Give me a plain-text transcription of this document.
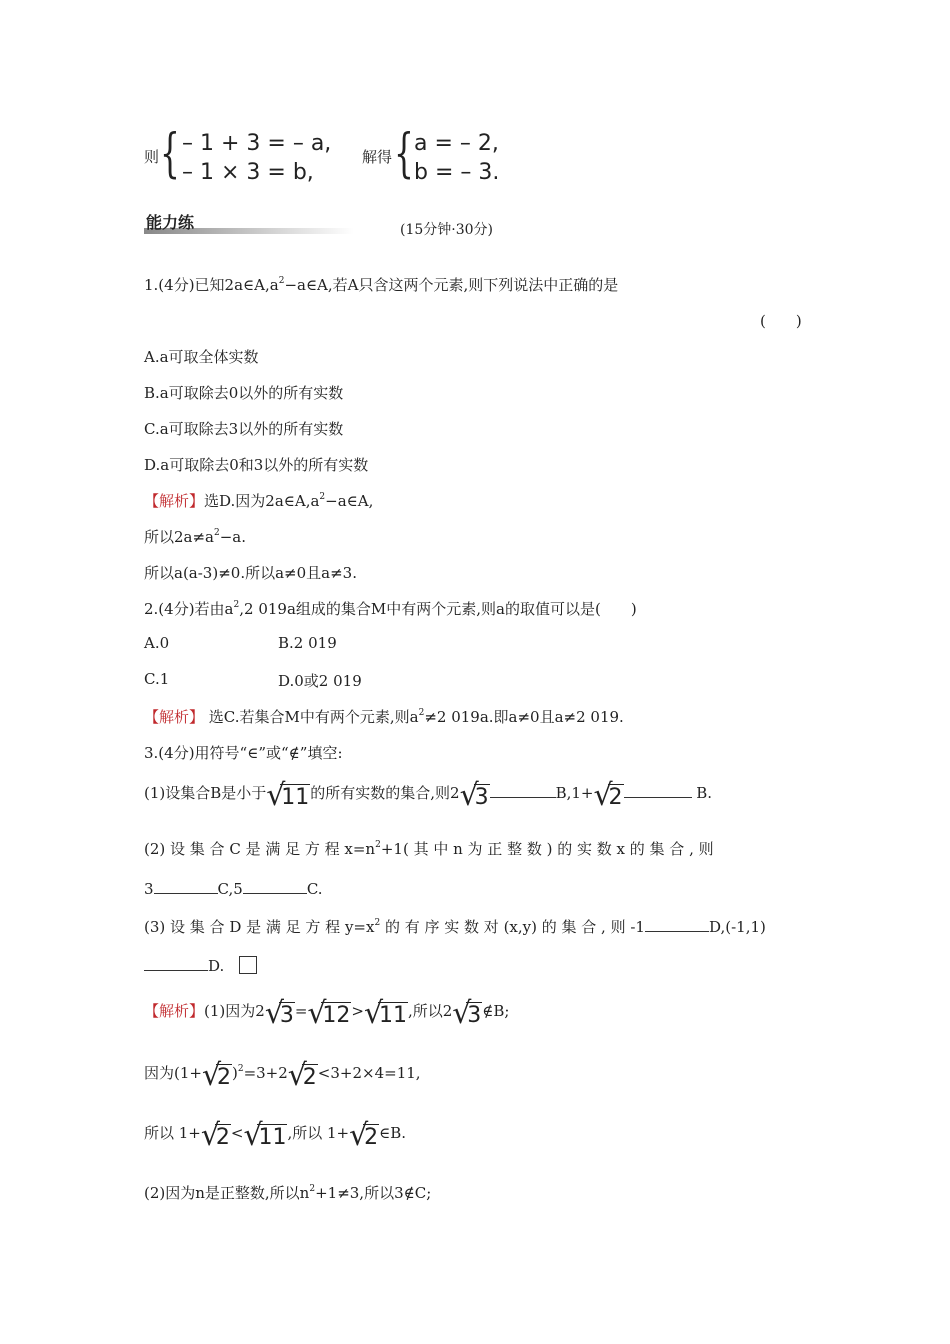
则 { – 1 + 3 = – a,
– 1 × 3 = b,
解得 { a = – 2,
b = – 3.
能力练	(15分钟·30分)
1.(4分)已知$2a\in A,a^2-a\in A$,若A只含这两个元素,则下列说法中正确的是
(　　)
A.a可取全体实数
B.a可取除去0以外的所有实数
C.a可取除去3以外的所有实数
D.a可取除去0和3以外的所有实数
【解析】选D.因为$2a\in A,a^2-a\in A$,
所以$2a\ne a^2-a$.
所以a(a-3)≠0.所以a≠0且a≠3.
2.(4分)若由$a^2,2$ 019a组成的集合M中有两个元素,则a的取值可以是(　　)
A.0	B.2 019
C.1	D.0或2 019
【解析】 选C.若集合M中有两个元素,则$a^2\ne 2$ 019a.即a≠0且a≠2 019.
3.(4分)用符号“∈”或“∉”填空:
(1)设集合B是小于 √
11的所有实数的集合,则2 √
3	B,1+ √
2	B.
(2) 设 集 合 C 是 满 足 方 程 $x=n^2+1$( 其 中 n 为 正 整 数 ) 的 实 数 x 的 集 合 , 则
3	C,5	C.
(3) 设 集 合 D 是 满 足 方 程 $y=x^2$ 的 有 序 实 数 对 (x,y) 的 集 合 , 则 -1	D,(-1,1)
D.
【解析】(1)因为2 √
3= √
12> √
11,所以2 √
3∉B;
因为(1+ √
2)$^2$=3+2 √
2<3+2×4=11,
所以 1+ √
2< √
11,所以 1+ √
2∈B.
(2)因为n是正整数,所以$n^2+1\ne 3$,所以3∉C;
